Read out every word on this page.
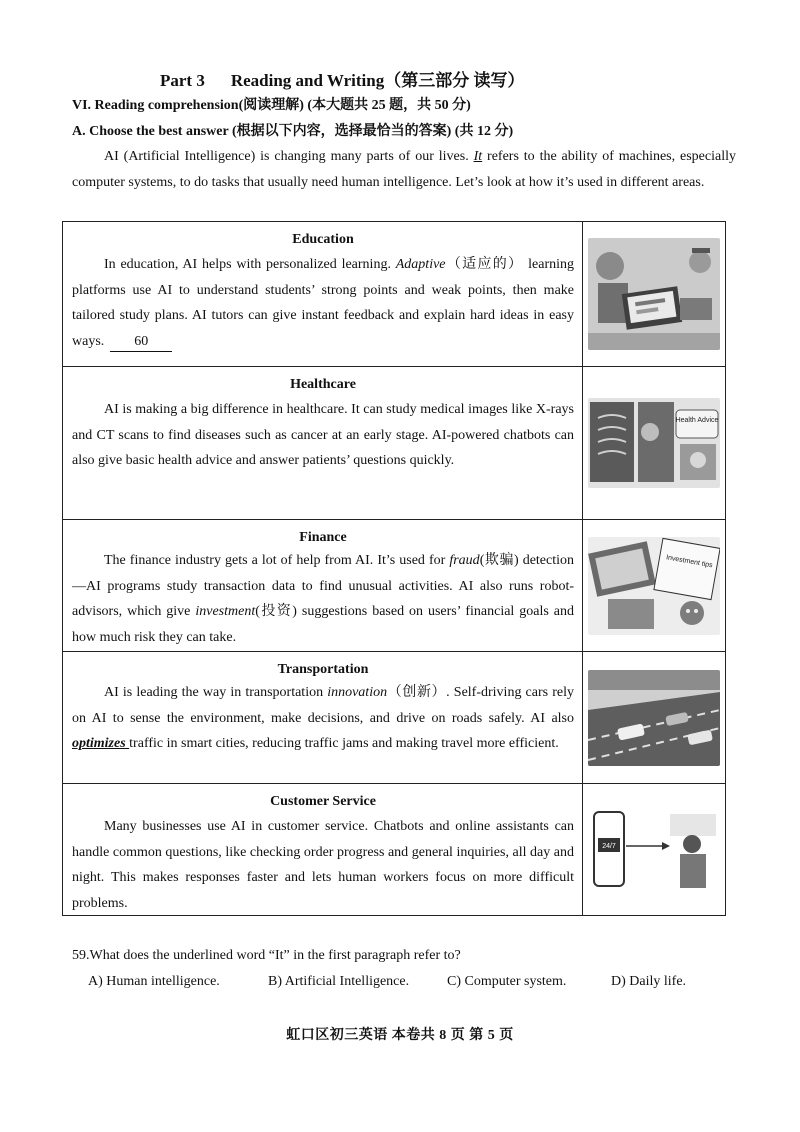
Part 3 Reading and Writing（第三部分 读写）
VI. Reading comprehension(阅读理解) (本大题共 25 题，共 50 分)
A. Choose the best answer (根据以下内容，选择最恰当的答案) (共 12 分)
AI (Artificial Intelligence) is changing many parts of our lives. It refers to the ability of machines, especially computer systems, to do tasks that usually need human intelligence. Let’s look at how it’s used in different areas.
Education
In education, AI helps with personalized learning. Adaptive（适应的） learning platforms use AI to understand students’ strong points and weak points, then make tailored study plans. AI tutors can give instant feedback and explain hard ideas in easy ways. 60
Healthcare
AI is making a big difference in healthcare. It can study medical images like X-rays and CT scans to find diseases such as cancer at an early stage. AI-powered chatbots can also give basic health advice and answer patients’ questions quickly.
Health Advice
Finance
The finance industry gets a lot of help from AI. It’s used for fraud(欺骗) detection—AI programs study transaction data to find unusual activities. AI also runs robot-advisors, which give investment(投资) suggestions based on users’ financial goals and how much risk they can take.
Investment tips
Transportation
AI is leading the way in transportation innovation（创新）. Self-driving cars rely on AI to sense the environment, make decisions, and drive on roads safely. AI also optimizes traffic in smart cities, reducing traffic jams and making travel more efficient.
Customer Service
Many businesses use AI in customer service. Chatbots and online assistants can handle common questions, like checking order progress and general inquiries, all day and night. This makes responses faster and lets human workers focus on more difficult problems.
24/7
59.What does the underlined word “It” in the first paragraph refer to?
A) Human intelligence.	B) Artificial Intelligence.	C) Computer system.	D) Daily life.
虹口区初三英语 本卷共 8 页 第 5 页
